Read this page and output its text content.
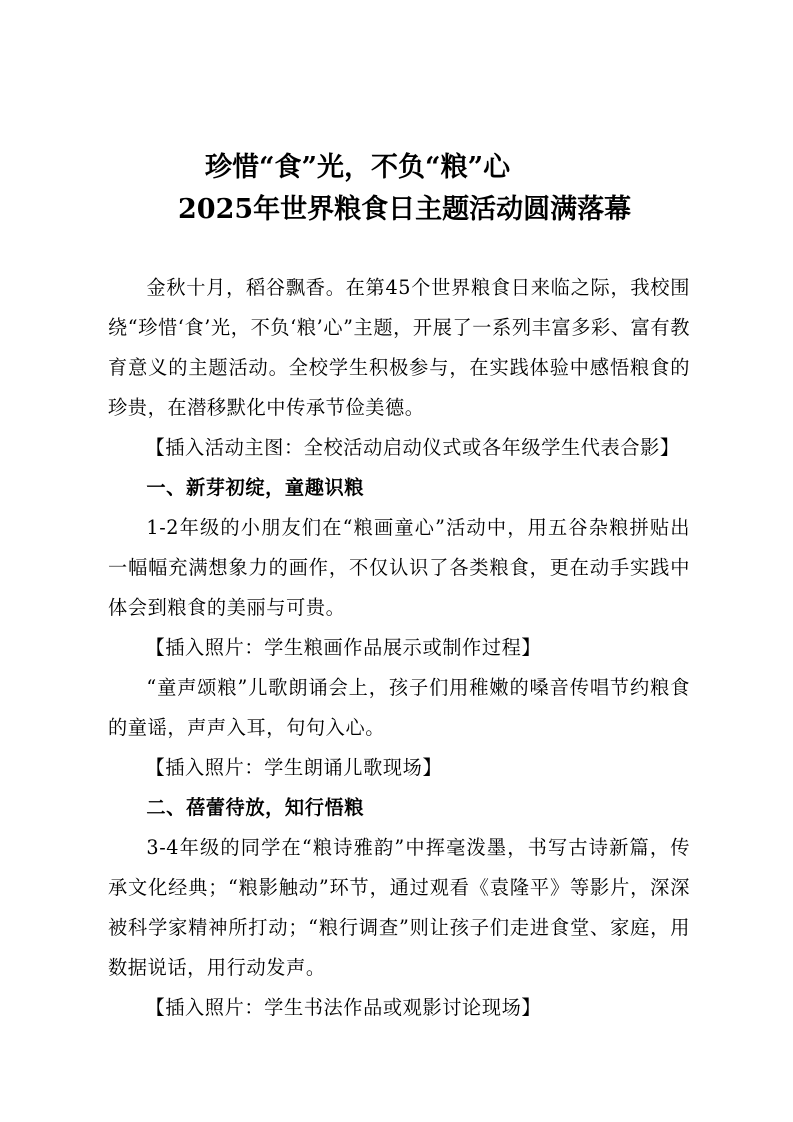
珍惜“食”光，不负“粮”心
2025年世界粮食日主题活动圆满落幕

金秋十月，稻谷飘香。在第45个世界粮食日来临之际，我校围绕“珍惜‘食’光，不负‘粮’心”主题，开展了一系列丰富多彩、富有教育意义的主题活动。全校学生积极参与，在实践体验中感悟粮食的珍贵，在潜移默化中传承节俭美德。

【插入活动主图：全校活动启动仪式或各年级学生代表合影】

一、新芽初绽，童趣识粮

1-2年级的小朋友们在“粮画童心”活动中，用五谷杂粮拼贴出一幅幅充满想象力的画作，不仅认识了各类粮食，更在动手实践中体会到粮食的美丽与可贵。

【插入照片：学生粮画作品展示或制作过程】

“童声颂粮”儿歌朗诵会上，孩子们用稚嫩的嗓音传唱节约粮食的童谣，声声入耳，句句入心。

【插入照片：学生朗诵儿歌现场】

二、蓓蕾待放，知行悟粮

3-4年级的同学在“粮诗雅韵”中挥毫泼墨，书写古诗新篇，传承文化经典；“粮影触动”环节，通过观看《袁隆平》等影片，深深被科学家精神所打动；“粮行调查”则让孩子们走进食堂、家庭，用数据说话，用行动发声。

【插入照片：学生书法作品或观影讨论现场】
